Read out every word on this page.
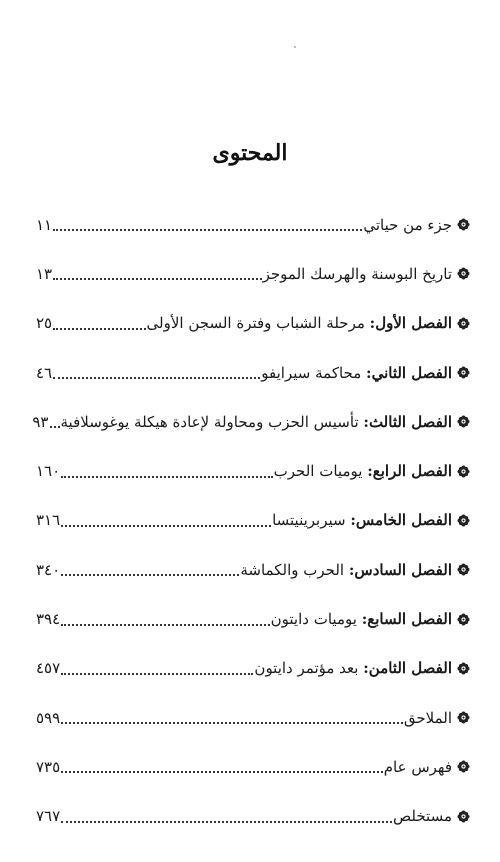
المحتوى
جزء من حياتي
١١
تاريخ البوسنة والهرسك الموجز
١٣
الفصل الأول: مرحلة الشباب وفترة السجن الأولى
٢٥
الفصل الثاني: محاكمة سيرايفو
٤٦
الفصل الثالث: تأسيس الحزب ومحاولة لإعادة هيكلة يوغوسلافية
٩٣
الفصل الرابع: يوميات الحرب
١٦٠
الفصل الخامس: سيربرينيتسا
٣١٦
الفصل السادس: الحرب والكماشة
٣٤٠
الفصل السابع: يوميات دايتون
٣٩٤
الفصل الثامن: بعد مؤتمر دايتون
٤٥٧
الملاحق
٥٩٩
فهرس عام
٧٣٥
مستخلص
٧٦٧
